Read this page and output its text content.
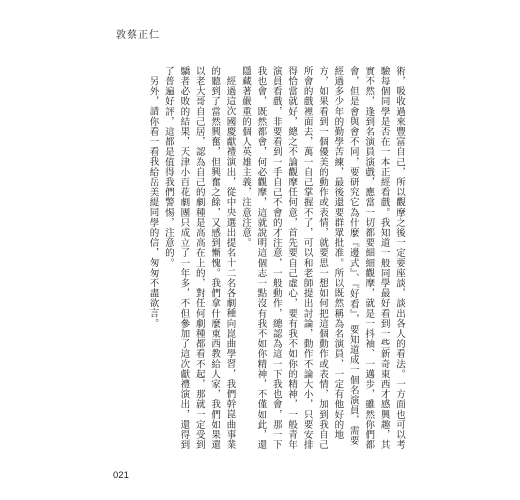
敦蔡正仁

術，吸收過來豐富自己，所以觀摩之後一定要座談，談出各人的看法。一方面也可以考驗每個同學是否在一本正經看戲。我知道一般同學最好看到一些新奇東西才感興趣，其實不然，逢到名演員演戲，應當一切都要細細觀摩，就是一抖袖、一邁步，雖然你們都會，但是會與會不同，要研究它為什麼『邊式』、『好看』，要知道成一個名演員，需要經過多少年的勤學苦練，最後還要群眾批准。所以既然稱為名演員，一定有他好的地方，如果看到一個優美的動作或表情，就要思一想如何把這個動作或表情，加到我自己所會的戲裡面去，萬一自己掌握不了，可以和老師提出討論，動作不論大小，只要安排得恰當就好，總之不論觀摩任何意，首先要自己虛心，要有我不如你的精神，一般青年演員看戲，非要看到一手自己不會的才注意，一般動作，總認為這一下我也會，那一下我也會，既然都會，何必觀摩，這就說明這個志一點沒有我不如你精神，不僅如此，還隱藏著嚴重的個人英雄主義，注意注意。

經過這次國慶獻禮演出，從中央選出提名十二名各劇種向崑曲學習，我們幹崑曲事業的聽到了當然興奮，但興奮之餘，又感到慚愧。我們拿什麼東西教給人家，我們如果還以老大哥自己居，認為自己的劇種是高高在上的，對任何劇種都看不起，那就一定受到驕者必敗的結果，天津小百花劇團只成立了一年多，不但參加了這次獻禮演出，還得到了普遍好評，這都是值得我們警惕，注意的。

另外，請你看一看我給岳美緹同學的信，匆匆不盡欲言。

021
